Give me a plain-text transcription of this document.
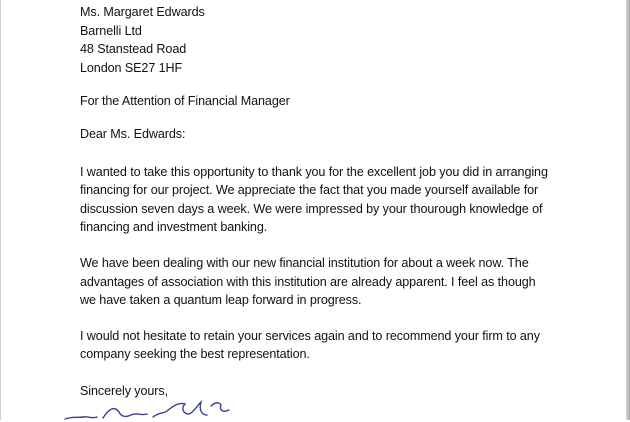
Ms. Margaret Edwards
Barnelli Ltd
48 Stanstead Road
London SE27 1HF
For the Attention of Financial Manager
Dear Ms. Edwards:

I wanted to take this opportunity to thank you for the excellent job you did in arranging
financing for our project. We appreciate the fact that you made yourself available for
discussion seven days a week. We were impressed by your thourough knowledge of
financing and investment banking.

We have been dealing with our new financial institution for about a week now. The
advantages of association with this institution are already apparent. I feel as though
we have taken a quantum leap forward in progress.

I would not hesitate to retain your services again and to recommend your firm to any
company seeking the best representation.

Sincerely yours,
